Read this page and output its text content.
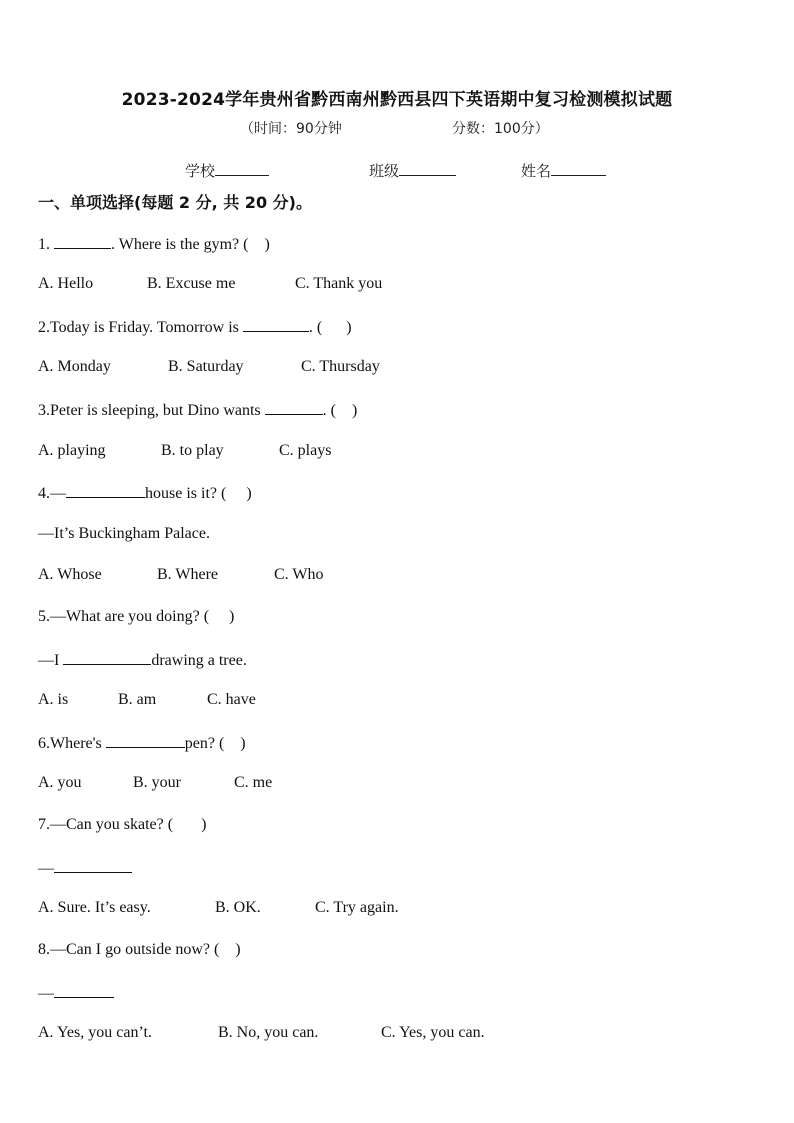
2023-2024学年贵州省黔西南州黔西县四下英语期中复习检测模拟试题
（时间：90分钟	分数：100分）
学校	班级	姓名
一、单项选择(每题 2 分, 共 20 分)。
1.	. Where is the gym? (    )
A. Hello	B. Excuse me	C. Thank you
2.Today is Friday. Tomorrow is	. (      )
A. Monday	B. Saturday	C. Thursday
3.Peter is sleeping, but Dino wants	. (    )
A. playing	B. to play	C. plays
4.—	house is it? (     )
—It’s Buckingham Palace.
A. Whose	B. Where	C. Who
5.—What are you doing? (     )
—I	drawing a tree.
A. is	B. am	C. have
6.Where's	pen? (    )
A. you	B. your	C. me
7.—Can you skate? (       )
—
A. Sure. It’s easy.	B. OK.	C. Try again.
8.—Can I go outside now? (    )
—
A. Yes, you can’t.	B. No, you can.	C. Yes, you can.
